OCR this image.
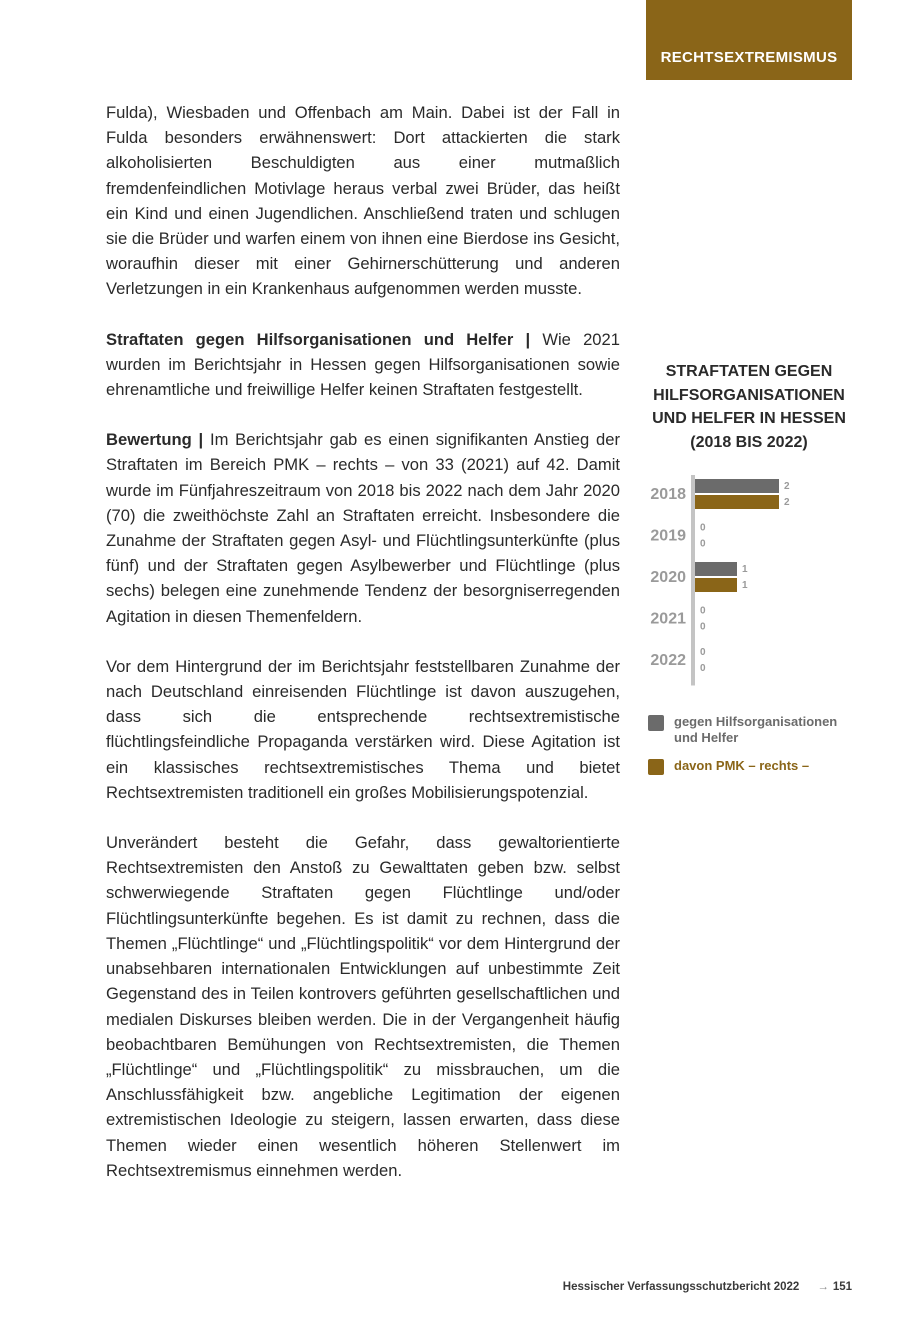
RECHTSEXTREMISMUS

Fulda), Wiesbaden und Offenbach am Main. Dabei ist der Fall in Fulda besonders erwähnenswert: Dort attackierten die stark alkoholisierten Beschuldigten aus einer mutmaßlich fremdenfeindlichen Motivlage heraus verbal zwei Brüder, das heißt ein Kind und einen Jugendlichen. Anschließend traten und schlugen sie die Brüder und warfen einem von ihnen eine Bierdose ins Gesicht, woraufhin dieser mit einer Gehirnerschütterung und anderen Verletzungen in ein Krankenhaus aufgenommen werden musste.

Straftaten gegen Hilfsorganisationen und Helfer | Wie 2021 wurden im Berichtsjahr in Hessen gegen Hilfsorganisationen sowie ehrenamtliche und freiwillige Helfer keinen Straftaten festgestellt.

Bewertung | Im Berichtsjahr gab es einen signifikanten Anstieg der Straftaten im Bereich PMK – rechts – von 33 (2021) auf 42. Damit wurde im Fünfjahreszeitraum von 2018 bis 2022 nach dem Jahr 2020 (70) die zweithöchste Zahl an Straftaten erreicht. Insbesondere die Zunahme der Straftaten gegen Asyl- und Flüchtlingsunterkünfte (plus fünf) und der Straftaten gegen Asylbewerber und Flüchtlinge (plus sechs) belegen eine zunehmende Tendenz der besorgniserregenden Agitation in diesen Themenfeldern.

Vor dem Hintergrund der im Berichtsjahr feststellbaren Zunahme der nach Deutschland einreisenden Flüchtlinge ist davon auszugehen, dass sich die entsprechende rechtsextremistische flüchtlingsfeindliche Propaganda verstärken wird. Diese Agitation ist ein klassisches rechtsextremistisches Thema und bietet Rechtsextremisten traditionell ein großes Mobilisierungspotenzial.

Unverändert besteht die Gefahr, dass gewaltorientierte Rechtsextremisten den Anstoß zu Gewalttaten geben bzw. selbst schwerwiegende Straftaten gegen Flüchtlinge und/oder Flüchtlingsunterkünfte begehen. Es ist damit zu rechnen, dass die Themen „Flüchtlinge“ und „Flüchtlingspolitik“ vor dem Hintergrund der unabsehbaren internationalen Entwicklungen auf unbestimmte Zeit Gegenstand des in Teilen kontrovers geführten gesellschaftlichen und medialen Diskurses bleiben werden. Die in der Vergangenheit häufig beobachtbaren Bemühungen von Rechtsextremisten, die Themen „Flüchtlinge“ und „Flüchtlingspolitik“ zu missbrauchen, um die Anschlussfähigkeit bzw. angebliche Legitimation der eigenen extremistischen Ideologie zu steigern, lassen erwarten, dass diese Themen wieder einen wesentlich höheren Stellenwert im Rechtsextremismus einnehmen werden.

STRAFTATEN GEGEN HILFSORGANISATIONEN UND HELFER IN HESSEN (2018 BIS 2022)
2018	2
2
2019 0
0
2020	1
1
2021 0
0
2022 0
0
gegen Hilfsorganisationen und Helfer
davon PMK – rechts –
Hessischer Verfassungsschutzbericht 2022 → 151
